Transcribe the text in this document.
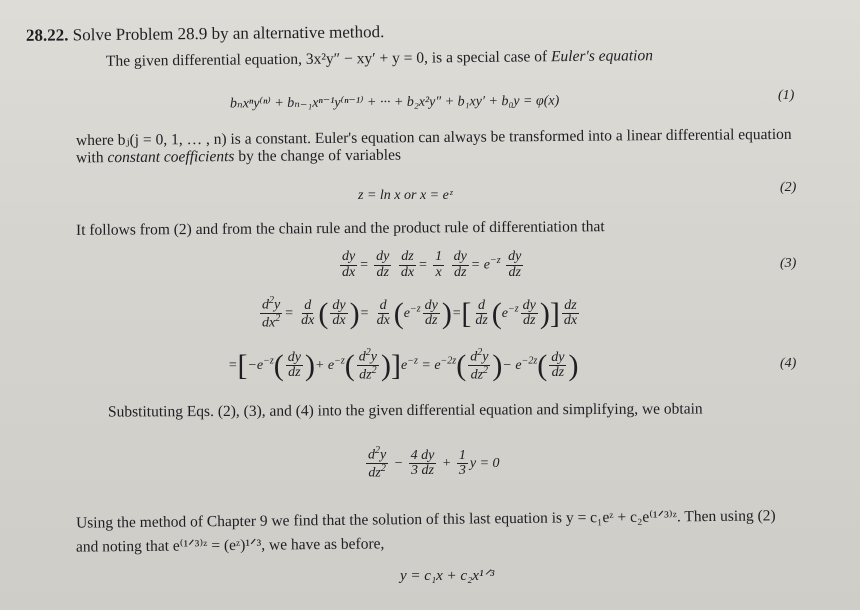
28.22. Solve Problem 28.9 by an alternative method.
The given differential equation, 3x²y″ − xy′ + y = 0, is a special case of Euler's equation
bₙxⁿy⁽ⁿ⁾ + bₙ₋₁xⁿ⁻¹y⁽ⁿ⁻¹⁾ + ··· + b₂x²y″ + b₁xy′ + b₀y = φ(x)	(1)
where bⱼ(j = 0, 1, … , n) is a constant. Euler's equation can always be transformed into a linear differential equation
with constant coefficients by the change of variables
z = ln x or x = eᶻ
(2)
It follows from (2) and from the chain rule and the product rule of differentiation that
$\frac{dy}{dx} = \frac{dy}{dz}$
$\frac{dz}{dx} = \frac{1}{x}$
$\frac{dy}{dz} = e^{-z} \frac{dy}{dz}$	(3)
$\frac{d^2y}{dx^2} = \frac{d}{dx}$ ( $\frac{dy}{dx}$ )= $\frac{d}{dx} (e^{-z} \frac{dy}{dz}$ )=[ $\frac{d}{dz} (e^{-z} \frac{dy}{dz}$ )] $\frac{dz}{dx}$
$=[-e^{-z}( \frac{dy}{dz}$ )+ $e^{-z}( \frac{d^2y}{dz^2} )]e^{-z} = e^{-2z}( \frac{d^2y}{dz^2}$ )− $e^{-2z}( \frac{dy}{dz}$ )	(4)
Substituting Eqs. (2), (3), and (4) into the given differential equation and simplifying, we obtain
$\frac{d^2y}{dz^2} - \frac{4 dy}{3 dz} + \frac{1}{3}$ y = 0
Using the method of Chapter 9 we find that the solution of this last equation is y = c₁eᶻ + c₂e⁽¹ᐟ³⁾ᶻ. Then using (2)
and noting that e⁽¹ᐟ³⁾ᶻ = (eᶻ)¹ᐟ³, we have as before,
y = c₁x + c₂x¹ᐟ³
